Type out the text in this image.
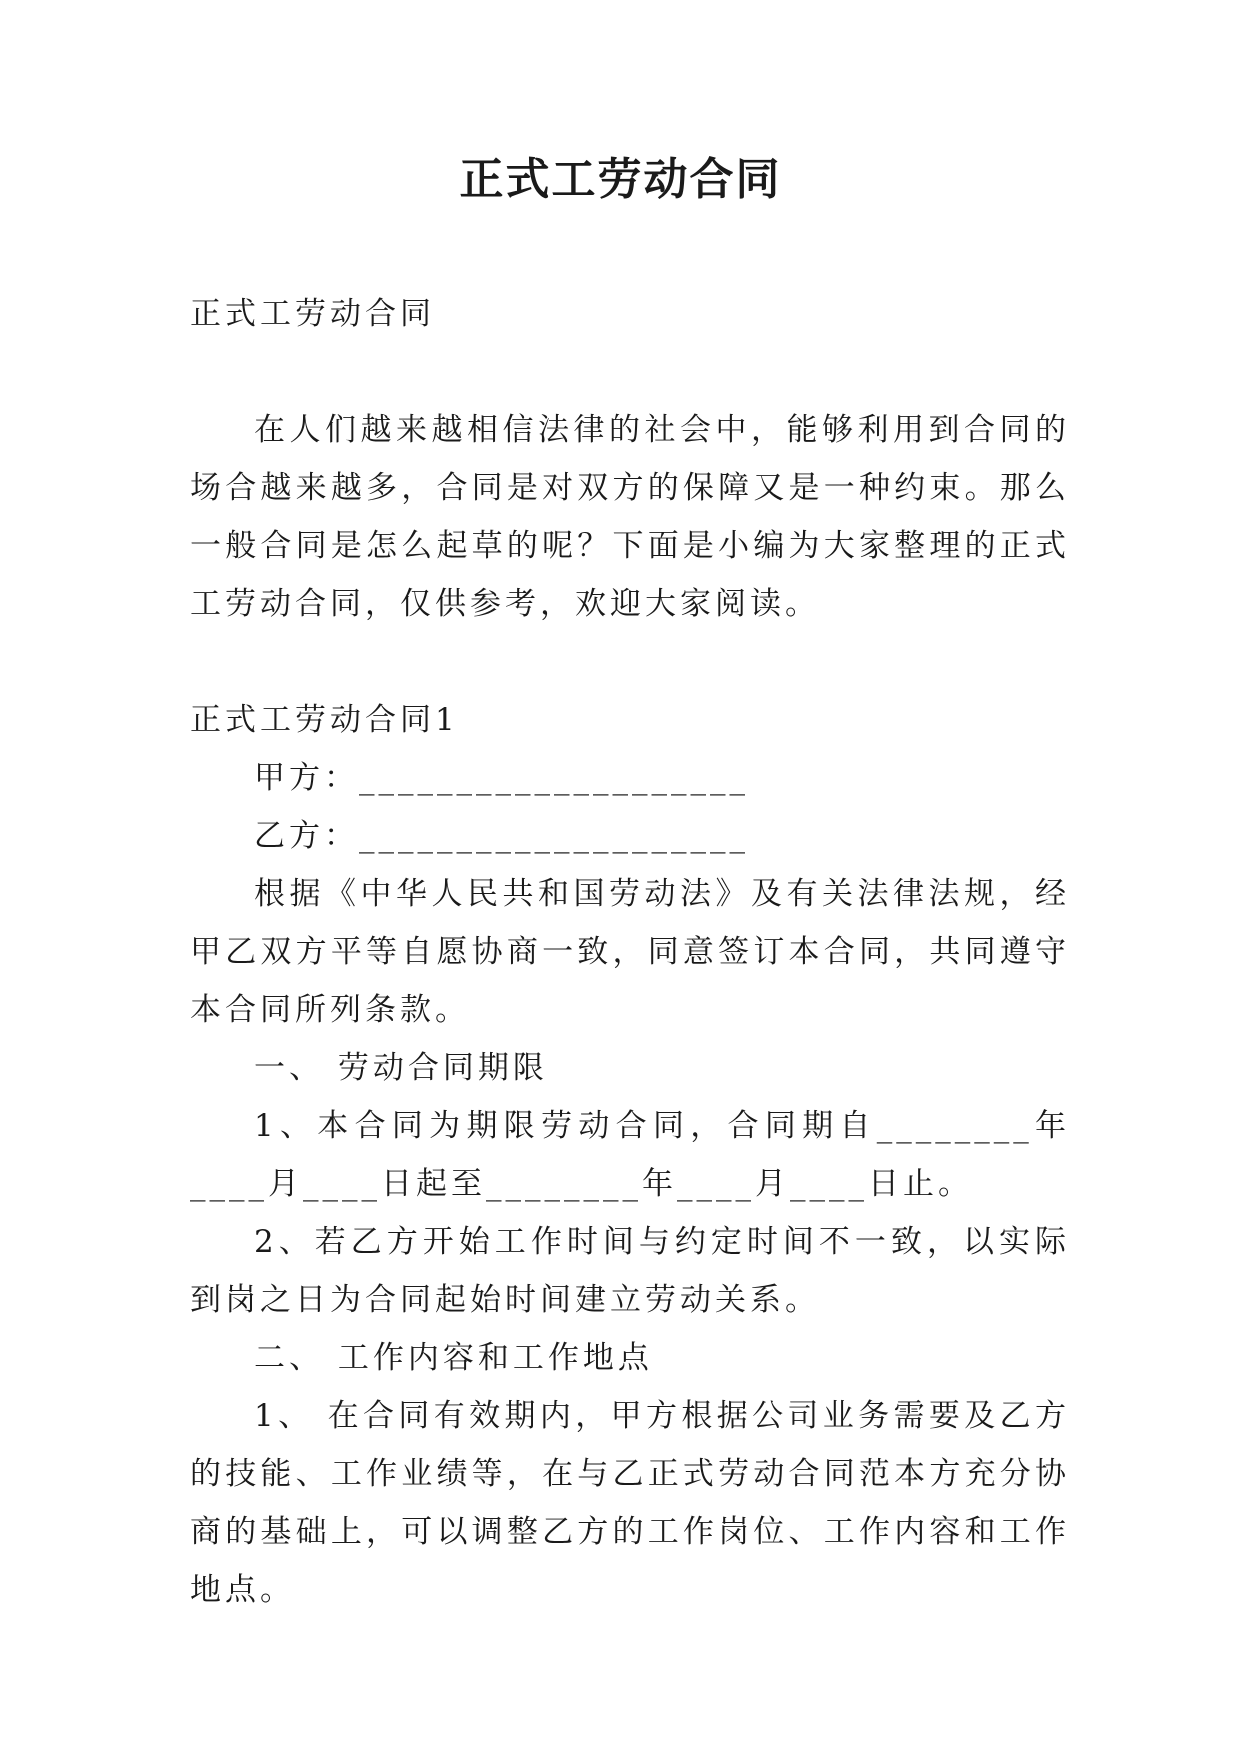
正式工劳动合同

正式工劳动合同

在人们越来越相信法律的社会中，能够利用到合同的场合越来越多，合同是对双方的保障又是一种约束。那么一般合同是怎么起草的呢？下面是小编为大家整理的正式工劳动合同，仅供参考，欢迎大家阅读。

正式工劳动合同1

甲方：____________________

乙方：____________________

根据《中华人民共和国劳动法》及有关法律法规，经甲乙双方平等自愿协商一致，同意签订本合同，共同遵守本合同所列条款。

一、 劳动合同期限

1、本合同为期限劳动合同，合同期自________年____月____日起至________年____月____日止。

2、若乙方开始工作时间与约定时间不一致，以实际到岗之日为合同起始时间建立劳动关系。

二、 工作内容和工作地点

1、 在合同有效期内，甲方根据公司业务需要及乙方的技能、工作业绩等，在与乙正式劳动合同范本方充分协商的基础上，可以调整乙方的工作岗位、工作内容和工作地点。
